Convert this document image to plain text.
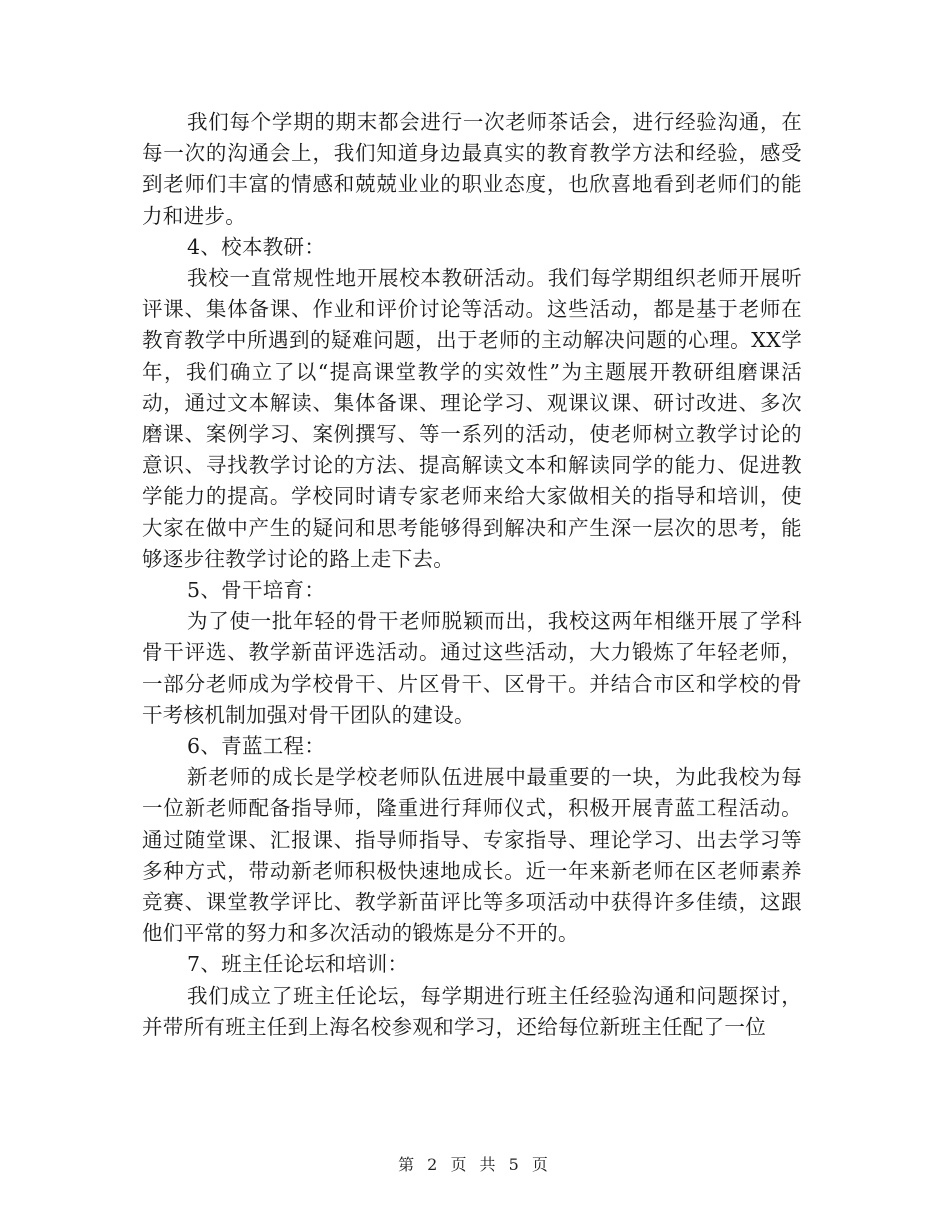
我们每个学期的期末都会进行一次老师茶话会，进行经验沟通，在每一次的沟通会上，我们知道身边最真实的教育教学方法和经验，感受到老师们丰富的情感和兢兢业业的职业态度，也欣喜地看到老师们的能力和进步。

4、校本教研：

我校一直常规性地开展校本教研活动。我们每学期组织老师开展听评课、集体备课、作业和评价讨论等活动。这些活动，都是基于老师在教育教学中所遇到的疑难问题，出于老师的主动解决问题的心理。XX学年，我们确立了以“提高课堂教学的实效性”为主题展开教研组磨课活动，通过文本解读、集体备课、理论学习、观课议课、研讨改进、多次磨课、案例学习、案例撰写、等一系列的活动，使老师树立教学讨论的意识、寻找教学讨论的方法、提高解读文本和解读同学的能力、促进教学能力的提高。学校同时请专家老师来给大家做相关的指导和培训，使大家在做中产生的疑问和思考能够得到解决和产生深一层次的思考，能够逐步往教学讨论的路上走下去。

5、骨干培育：

为了使一批年轻的骨干老师脱颖而出，我校这两年相继开展了学科骨干评选、教学新苗评选活动。通过这些活动，大力锻炼了年轻老师，一部分老师成为学校骨干、片区骨干、区骨干。并结合市区和学校的骨干考核机制加强对骨干团队的建设。

6、青蓝工程：

新老师的成长是学校老师队伍进展中最重要的一块，为此我校为每一位新老师配备指导师，隆重进行拜师仪式，积极开展青蓝工程活动。通过随堂课、汇报课、指导师指导、专家指导、理论学习、出去学习等多种方式，带动新老师积极快速地成长。近一年来新老师在区老师素养竞赛、课堂教学评比、教学新苗评比等多项活动中获得许多佳绩，这跟他们平常的努力和多次活动的锻炼是分不开的。

7、班主任论坛和培训：

我们成立了班主任论坛，每学期进行班主任经验沟通和问题探讨，并带所有班主任到上海名校参观和学习，还给每位新班主任配了一位

第 2 页 共 5 页
